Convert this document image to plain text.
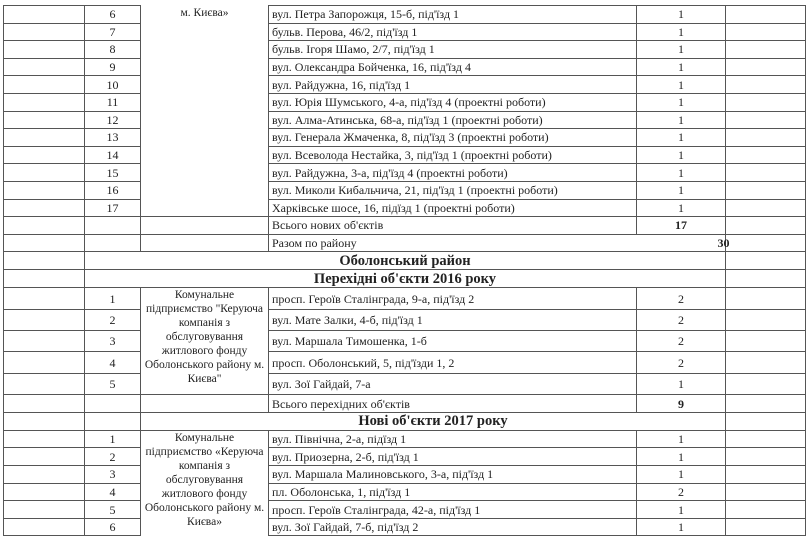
	6	м. Києва»	вул. Петра Запорожця, 15-б, під'їзд 1	1	
	7	бульв. Перова, 46/2, під'їзд 1	1	
	8	бульв. Ігоря Шамо, 2/7, під'їзд 1	1	
	9	вул. Олександра Бойченка, 16, під'їзд 4	1	
	10	вул. Райдужна, 16, під'їзд 1	1	
	11	вул. Юрія Шумського, 4-а, під'їзд 4 (проектні роботи)	1	
	12	вул. Алма-Атинська, 68-а, під'їзд 1 (проектні роботи)	1	
	13	вул. Генерала Жмаченка, 8, під'їзд 3 (проектні роботи)	1	
	14	вул. Всеволода Нестайка, 3, під'їзд 1 (проектні роботи)	1	
	15	вул. Райдужна, 3-а, під'їзд 4 (проектні роботи)	1	
	16	вул. Миколи Кибальчича, 21, під'їзд 1 (проектні роботи)	1	
	17	Харківське шосе, 16, підїзд 1 (проектні роботи)	1	
			Всього нових об'єктів	17	
			Разом по району	30

	Оболонський район	
	Перехідні об'єкти 2016 року	
	1	Комунальне підприємство "Керуюча компанія з обслуговування житлового фонду Оболонського району м. Києва"	просп. Героїв Сталінграда, 9-а, під'їзд 2	2	
	2	вул. Мате Залки, 4-б, під'їзд 1	2	
	3	вул. Маршала Тимошенка, 1-б	2	
	4	просп. Оболонський, 5, під'їзди 1, 2	2	
	5	вул. Зої Гайдай, 7-а	1	
			Всього перехідних об'єктів	9	
		Нові об'єкти 2017 року	
	1	Комунальне підприємство «Керуюча компанія з обслуговування житлового фонду Оболонського району м. Києва»	вул. Північна, 2-а, підїзд 1	1	
	2	вул. Приозерна, 2-б, під'їзд 1	1	
	3	вул. Маршала Малиновського, 3-а, під'їзд 1	1	
	4	пл. Оболонська, 1, під'їзд 1	2	
	5	просп. Героїв Сталінграда, 42-а, під'їзд 1	1	
	6	вул. Зої Гайдай, 7-б, під'їзд 2	1	
